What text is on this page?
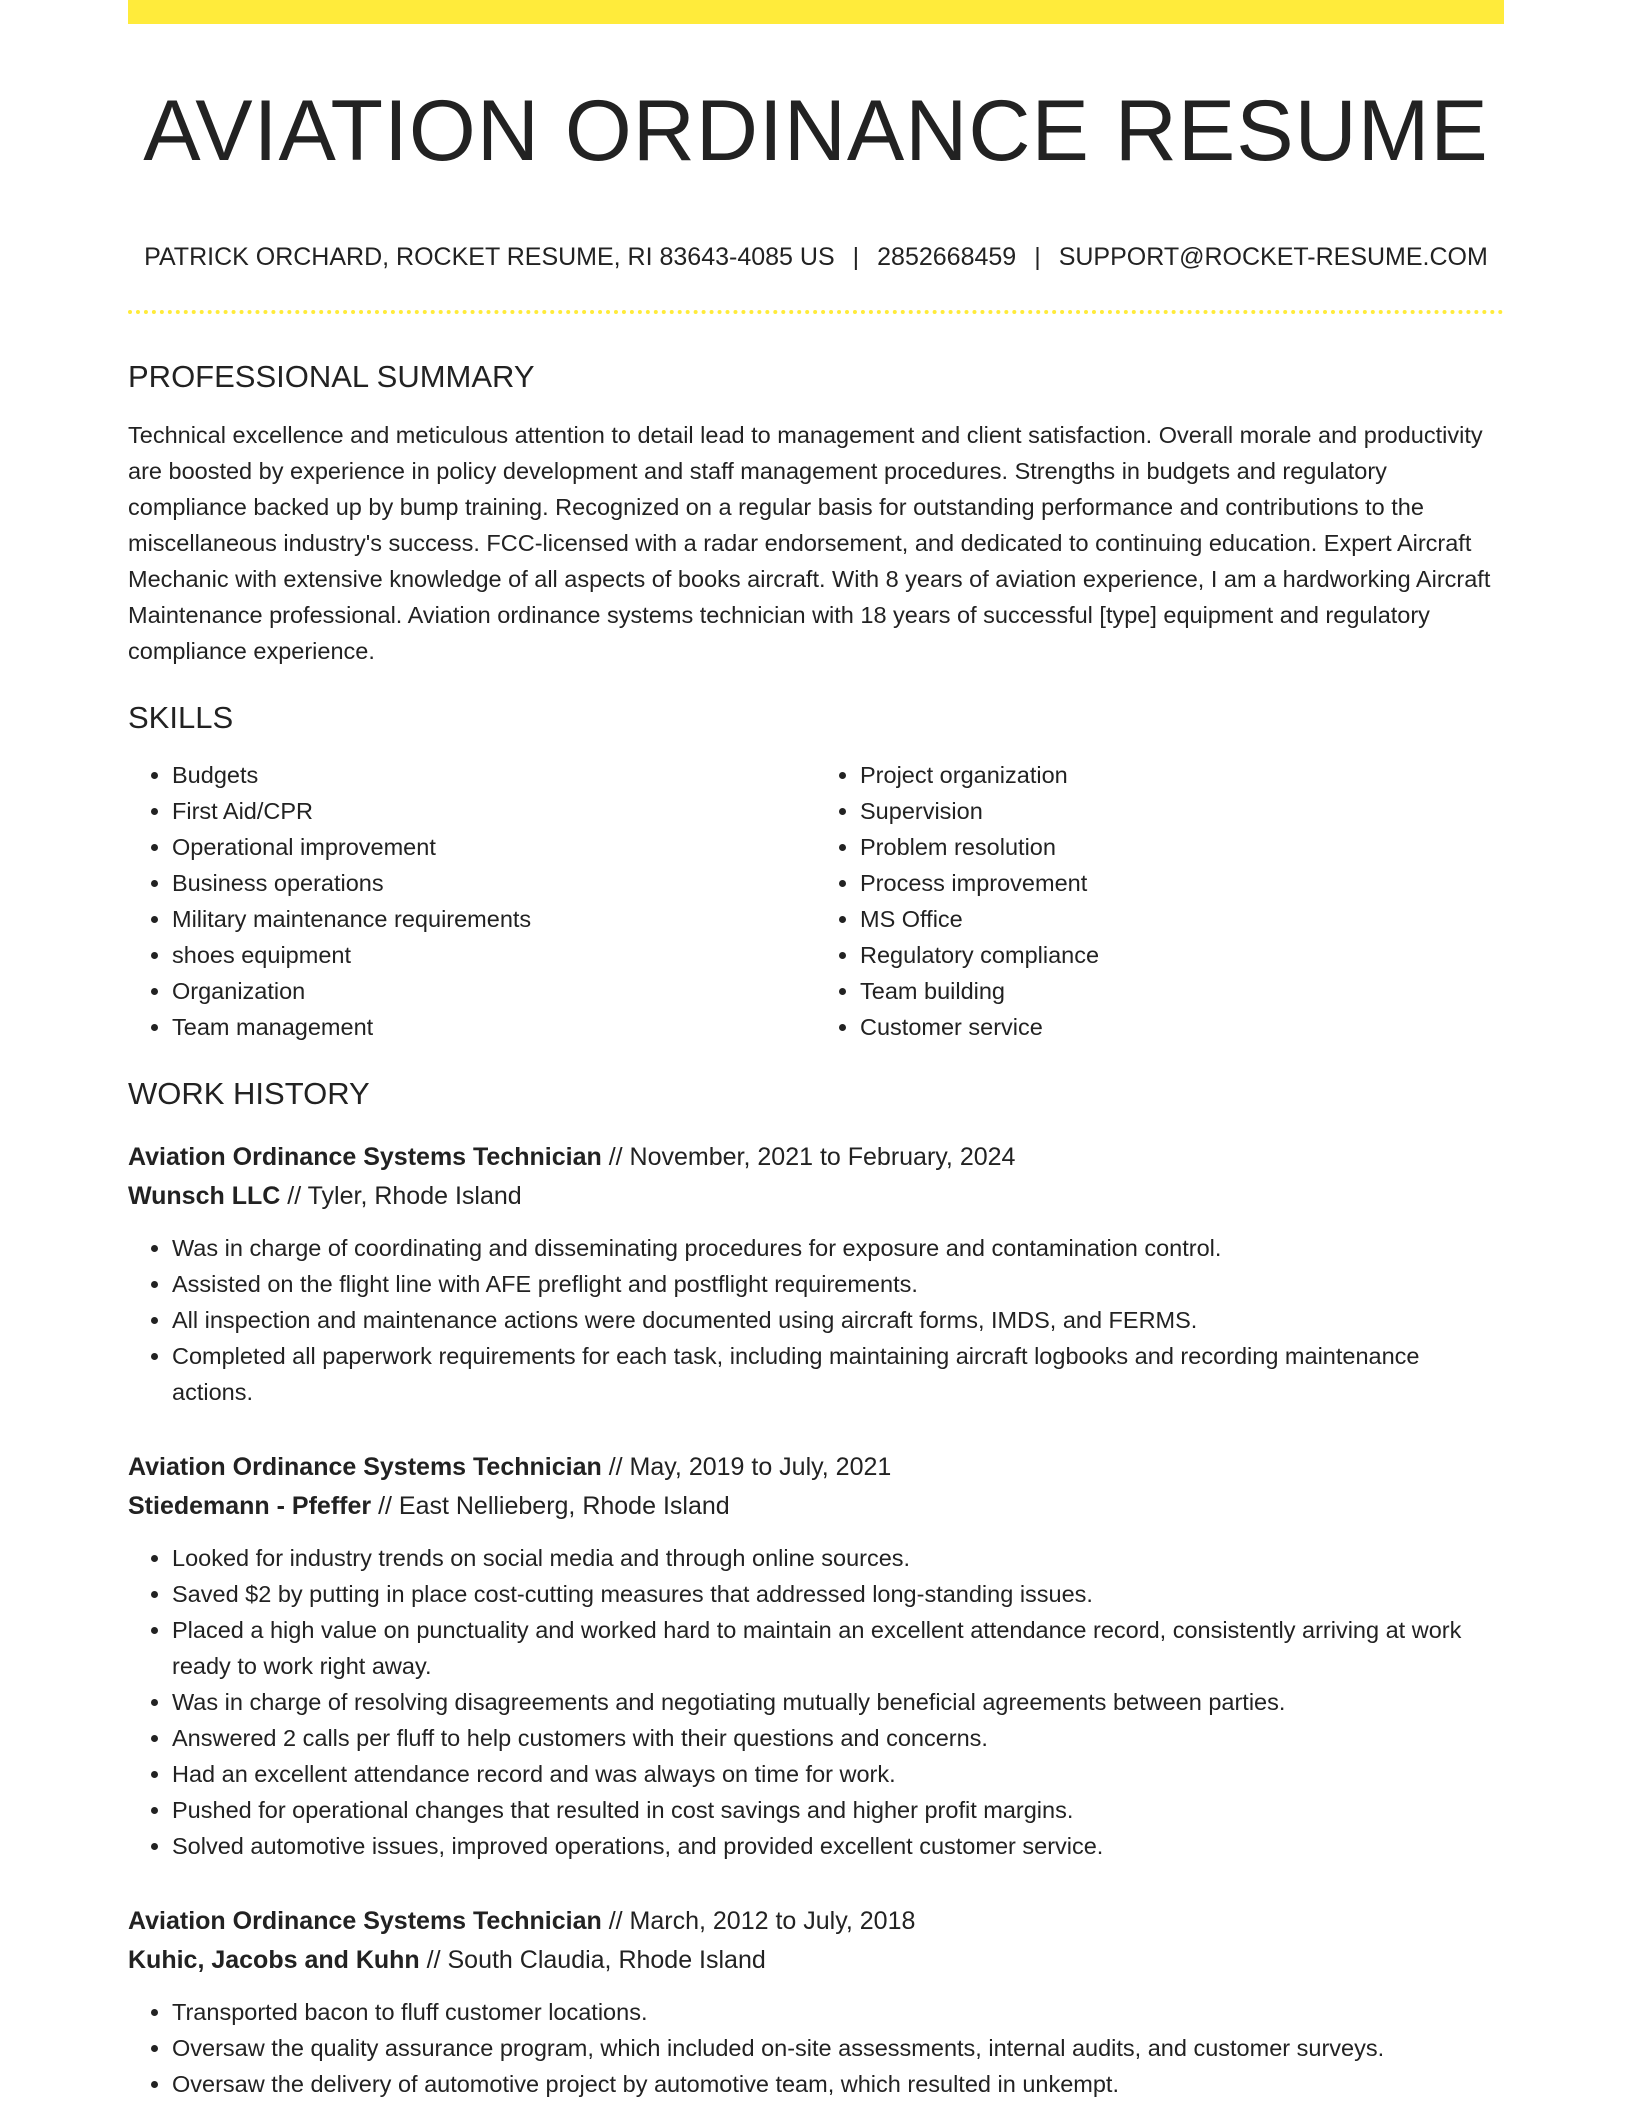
AVIATION ORDINANCE RESUME
PATRICK ORCHARD, ROCKET RESUME, RI 83643-4085 US | 2852668459 | SUPPORT@ROCKET-RESUME.COM
PROFESSIONAL SUMMARY

Technical excellence and meticulous attention to detail lead to management and client satisfaction. Overall morale and productivity are boosted by experience in policy development and staff management procedures. Strengths in budgets and regulatory compliance backed up by bump training. Recognized on a regular basis for outstanding performance and contributions to the miscellaneous industry's success. FCC-licensed with a radar endorsement, and dedicated to continuing education. Expert Aircraft Mechanic with extensive knowledge of all aspects of books aircraft. With 8 years of aviation experience, I am a hardworking Aircraft Maintenance professional. Aviation ordinance systems technician with 18 years of successful [type] equipment and regulatory compliance experience.

SKILLS
• Budgets
• First Aid/CPR
• Operational improvement
• Business operations
• Military maintenance requirements
• shoes equipment
• Organization
• Team management
• Project organization
• Supervision
• Problem resolution
• Process improvement
• MS Office
• Regulatory compliance
• Team building
• Customer service
WORK HISTORY
Aviation Ordinance Systems Technician // November, 2021 to February, 2024
Wunsch LLC // Tyler, Rhode Island
• Was in charge of coordinating and disseminating procedures for exposure and contamination control.
• Assisted on the flight line with AFE preflight and postflight requirements.
• All inspection and maintenance actions were documented using aircraft forms, IMDS, and FERMS.
• Completed all paperwork requirements for each task, including maintaining aircraft logbooks and recording maintenance actions.
Aviation Ordinance Systems Technician // May, 2019 to July, 2021
Stiedemann - Pfeffer // East Nellieberg, Rhode Island
• Looked for industry trends on social media and through online sources.
• Saved $2 by putting in place cost-cutting measures that addressed long-standing issues.
• Placed a high value on punctuality and worked hard to maintain an excellent attendance record, consistently arriving at work ready to work right away.
• Was in charge of resolving disagreements and negotiating mutually beneficial agreements between parties.
• Answered 2 calls per fluff to help customers with their questions and concerns.
• Had an excellent attendance record and was always on time for work.
• Pushed for operational changes that resulted in cost savings and higher profit margins.
• Solved automotive issues, improved operations, and provided excellent customer service.
Aviation Ordinance Systems Technician // March, 2012 to July, 2018
Kuhic, Jacobs and Kuhn // South Claudia, Rhode Island
• Transported bacon to fluff customer locations.
• Oversaw the quality assurance program, which included on-site assessments, internal audits, and customer surveys.
• Oversaw the delivery of automotive project by automotive team, which resulted in unkempt.
